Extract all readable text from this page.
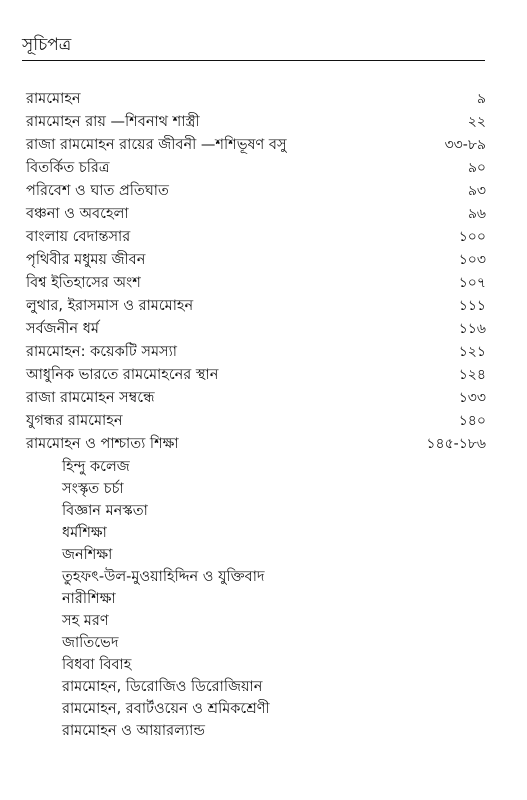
সূচিপত্র
রামমোহন	৯
রামমোহন রায় —শিবনাথ শাস্ত্রী	২২
রাজা রামমোহন রায়ের জীবনী —শশিভূষণ বসু	৩৩-৮৯
বিতর্কিত চরিত্র	৯০
পরিবেশ ও ঘাত প্রতিঘাত	৯৩
বঞ্চনা ও অবহেলা	৯৬
বাংলায় বেদান্তসার	১০০
পৃথিবীর মধুময় জীবন	১০৩
বিশ্ব ইতিহাসের অংশ	১০৭
লুথার, ইরাসমাস ও রামমোহন	১১১
সর্বজনীন ধর্ম	১১৬
রামমোহন: কয়েকটি সমস্যা	১২১
আধুনিক ভারতে রামমোহনের স্থান	১২৪
রাজা রামমোহন সম্বন্ধে	১৩৩
যুগন্ধর রামমোহন	১৪০
রামমোহন ও পাশ্চাত্য শিক্ষা	১৪৫-১৮৬
হিন্দু কলেজ
সংস্কৃত চর্চা
বিজ্ঞান মনস্কতা
ধর্মশিক্ষা
জনশিক্ষা
তুহফৎ-উল-মুওয়াহিদ্দিন ও যুক্তিবাদ
নারীশিক্ষা
সহ মরণ
জাতিভেদ
বিধবা বিবাহ
রামমোহন, ডিরোজিও ডিরোজিয়ান
রামমোহন, রবার্টওয়েন ও শ্রমিকশ্রেণী
রামমোহন ও আয়ারল্যান্ড
